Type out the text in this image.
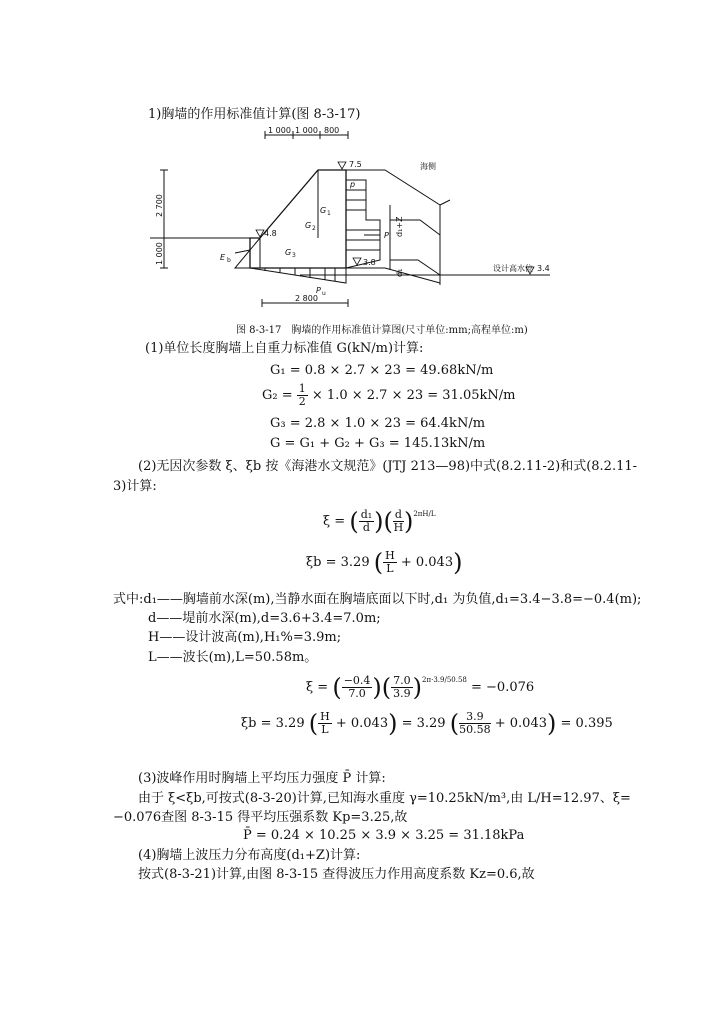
1)胸墙的作用标准值计算(图 8-3-17)
1 000 1 000 800
7.5
4.8
3.8
海侧
设计高水位 3.4
2 800
G 1
G 2
G 3
E b
P
p
P u
d₁+Z
d₁
2 700
1 000
图 8-3-17　胸墙的作用标准值计算图(尺寸单位:mm;高程单位:m)
(1)单位长度胸墙上自重力标准值 G(kN/m)计算:
G₁ = 0.8 × 2.7 × 23 = 49.68kN/m
$G_2 = \frac{1}{2} \times 1.0 \times 2.7 \times 23 = 31.05kN/m$
G₃ = 2.8 × 1.0 × 23 = 64.4kN/m
G = G₁ + G₂ + G₃ = 145.13kN/m
(2)无因次参数 ξ、ξb 按《海港水文规范》(JTJ 213—98)中式(8.2.11-2)和式(8.2.11-
3)计算:
ξ = ( $\frac{\text{d₁}}{d}$ )( $\frac{d}{H} )^{2\pi H/L}$
ξb = 3.29 ( $\frac{H}{L} + 0.043$)
式中:d₁——胸墙前水深(m),当静水面在胸墙底面以下时,d₁ 为负值,d₁=3.4−3.8=−0.4(m);
d——堤前水深(m),d=3.6+3.4=7.0m;
H——设计波高(m),H₁%=3.9m;
L——波长(m),L=50.58m。
ξ = ( $\frac{-0.4}{7.0}$ )( $\frac{7.0}{3.9} )^{2\pi\cdot 3.9/50.58} = -0.076$
ξb = 3.29 ( $\frac{H}{L} + 0.043) = 3.29$ ( $\frac{3.9}{50.58} + 0.043) = 0.395$
(3)波峰作用时胸墙上平均压力强度 P̄ 计算:
由于 ξ<ξb,可按式(8-3-20)计算,已知海水重度 γ=10.25kN/m³,由 L/H=12.97、ξ=
−0.076查图 8-3-15 得平均压强系数 Kp=3.25,故
P̄ = 0.24 × 10.25 × 3.9 × 3.25 = 31.18kPa
(4)胸墙上波压力分布高度(d₁+Z)计算:
按式(8-3-21)计算,由图 8-3-15 查得波压力作用高度系数 Kz=0.6,故
